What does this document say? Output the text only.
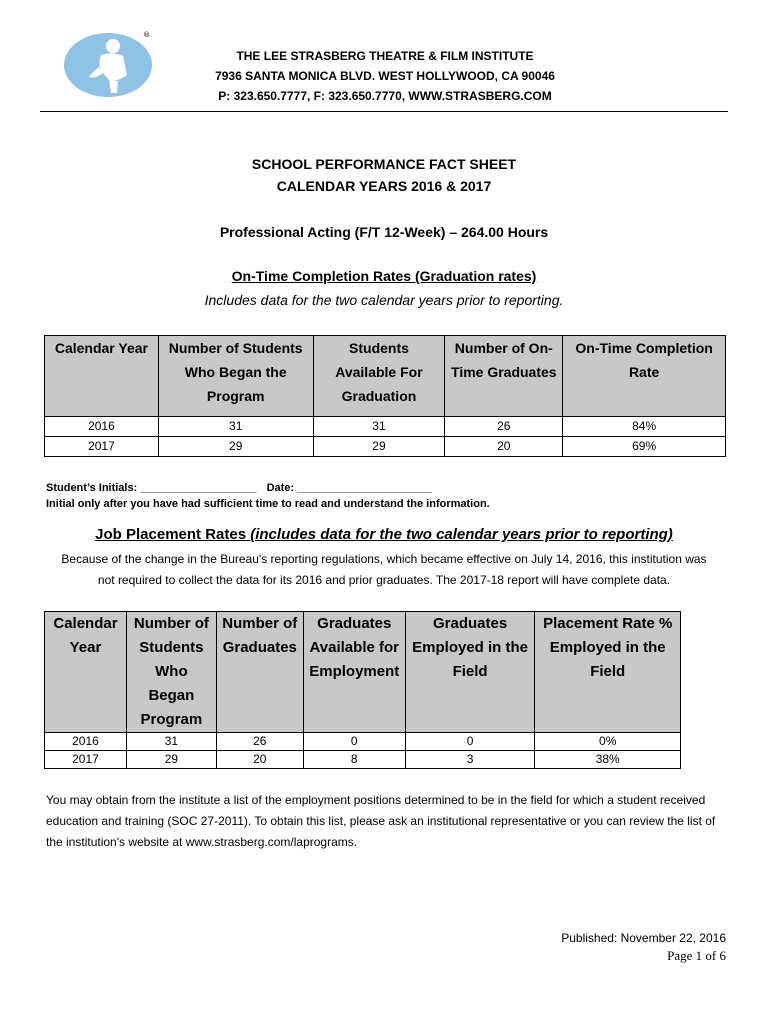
®
THE LEE STRASBERG THEATRE & FILM INSTITUTE
7936 SANTA MONICA BLVD. WEST HOLLYWOOD, CA 90046
P: 323.650.7777, F: 323.650.7770, WWW.STRASBERG.COM
SCHOOL PERFORMANCE FACT SHEET
CALENDAR YEARS 2016 & 2017
Professional Acting (F/T 12-Week) – 264.00 Hours
On-Time Completion Rates (Graduation rates)
Includes data for the two calendar years prior to reporting.
Calendar Year	Number of Students Who Began the Program	Students Available For Graduation	Number of On-Time Graduates	On-Time Completion Rate
2016	31	31	26	84%
2017	29	29	20	69%
Student’s Initials: ___________________ Date: ______________________
Initial only after you have had sufficient time to read and understand the information.
Job Placement Rates (includes data for the two calendar years prior to reporting)
Because of the change in the Bureau's reporting regulations, which became effective on July 14, 2016, this institution was not required to collect the data for its 2016 and prior graduates. The 2017-18 report will have complete data.
Calendar Year	Number of Students Who Began Program	Number of Graduates	Graduates Available for Employment	Graduates Employed in the Field	Placement Rate % Employed in the Field
2016	31	26	0	0	0%
2017	29	20	8	3	38%
You may obtain from the institute a list of the employment positions determined to be in the field for which a student received education and training (SOC 27-2011). To obtain this list, please ask an institutional representative or you can review the list of the institution's website at www.strasberg.com/laprograms.
Published: November 22, 2016
Page 1 of 6
